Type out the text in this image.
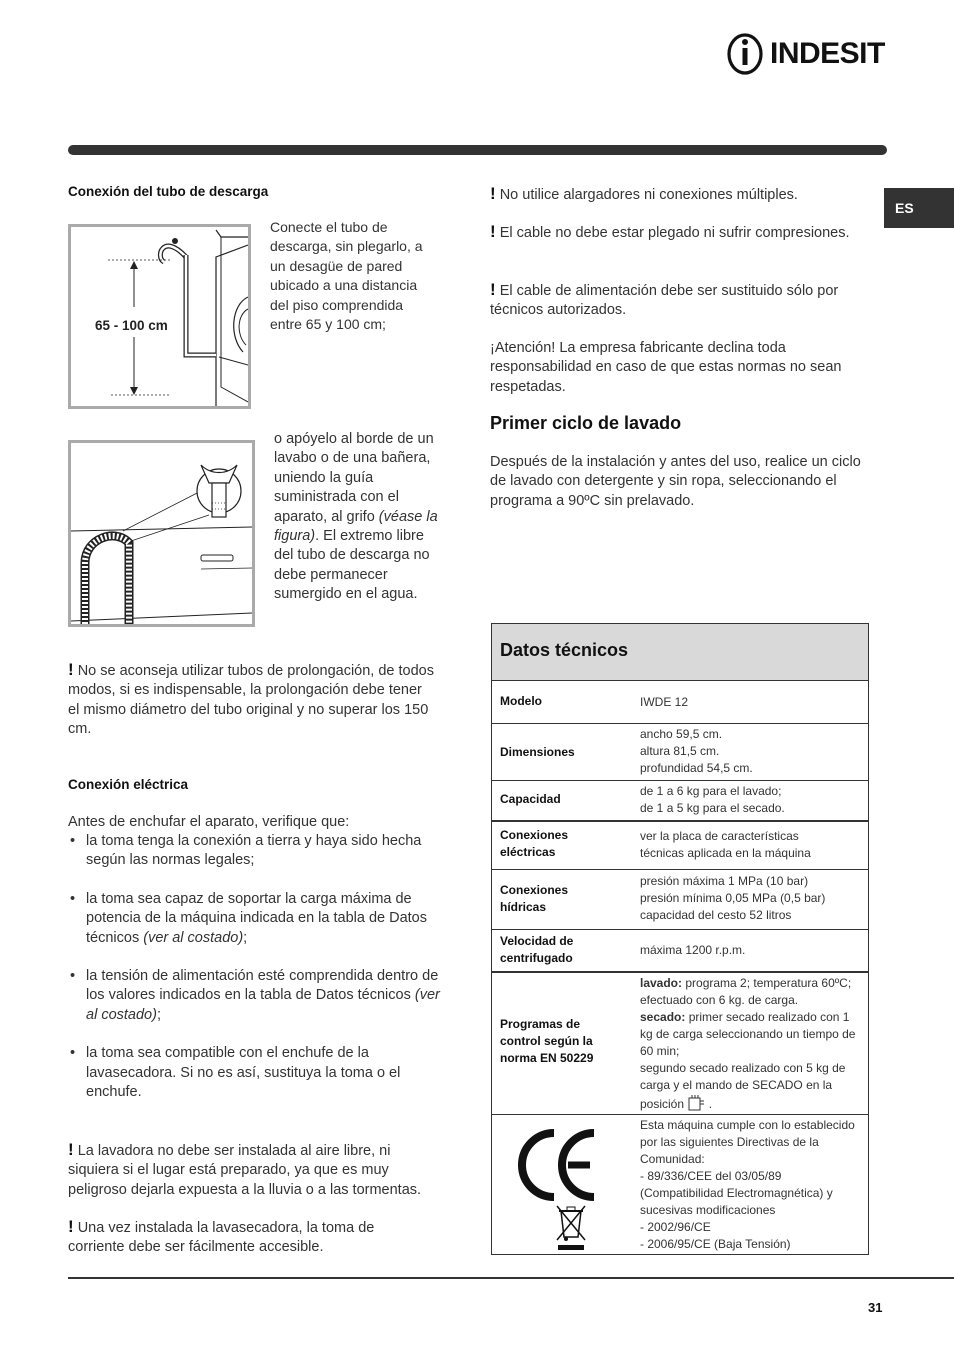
INDESIT
ES
Conexión del tubo de descarga
65 - 100 cm
Conecte el tubo de descarga, sin plegarlo, a un desagüe de pared ubicado a una distancia del piso comprendida entre 65 y 100 cm;
o apóyelo al borde de un lavabo o de una bañera, uniendo la guía suministrada con el aparato, al grifo (véase la figura). El extremo libre del tubo de descarga no debe permanecer sumergido en el agua.
! No se aconseja utilizar tubos de prolongación, de todos modos, si es indispensable, la prolongación debe tener el mismo diámetro del tubo original y no superar los 150 cm.
Conexión eléctrica
Antes de enchufar el aparato, verifique que:
• la toma tenga la conexión a tierra y haya sido hecha según las normas legales;
• la toma sea capaz de soportar la carga máxima de potencia de la máquina indicada en la tabla de Datos técnicos (ver al costado);
• la tensión de alimentación esté comprendida dentro de los valores indicados en la tabla de Datos técnicos (ver al costado);
• la toma sea compatible con el enchufe de la lavasecadora. Si no es así, sustituya la toma o el enchufe.
! La lavadora no debe ser instalada al aire libre, ni siquiera si el lugar está preparado, ya que es muy peligroso dejarla expuesta a la lluvia o a las tormentas.
! Una vez instalada la lavasecadora, la toma de corriente debe ser fácilmente accesible.
! No utilice alargadores ni conexiones múltiples.
! El cable no debe estar plegado ni sufrir compresiones.
! El cable de alimentación debe ser sustituido sólo por técnicos autorizados.
¡Atención! La empresa fabricante declina toda responsabilidad en caso de que estas normas no sean respetadas.
Primer ciclo de lavado
Después de la instalación y antes del uso, realice un ciclo de lavado con detergente y sin ropa, seleccionando el programa a 90ºC sin prelavado.
Datos técnicos
Modelo	IWDE 12
Dimensiones
ancho 59,5 cm.
altura 81,5 cm.
profundidad 54,5 cm.
Capacidad
de 1 a 6 kg para el lavado;
de 1 a 5 kg para el secado.
Conexiones
eléctricas
ver la placa de características
técnicas aplicada en la máquina
Conexiones
hídricas
presión máxima 1 MPa (10 bar)
presión mínima 0,05 MPa (0,5 bar)
capacidad del cesto 52 litros
Velocidad de
centrifugado
máxima 1200 r.p.m.
Programas de
control según la
norma EN 50229
lavado: programa 2; temperatura 60ºC; efectuado con 6 kg. de carga.
secado: primer secado realizado con 1 kg de carga seleccionando un tiempo de 60 min;
segundo secado realizado con 5 kg de carga y el mando de SECADO en la posición  .
Esta máquina cumple con lo establecido por las siguientes Directivas de la Comunidad:
- 89/336/CEE del 03/05/89 (Compatibilidad Electromagnética) y sucesivas modificaciones
- 2002/96/CE
- 2006/95/CE (Baja Tensión)
31
